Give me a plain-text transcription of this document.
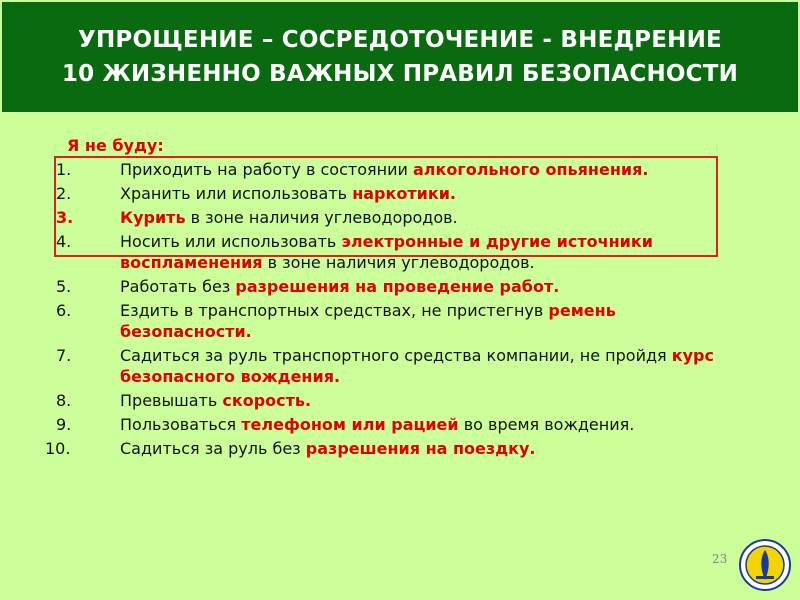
УПРОЩЕНИЕ – СОСРЕДОТОЧЕНИЕ - ВНЕДРЕНИЕ
10 ЖИЗНЕННО ВАЖНЫХ ПРАВИЛ БЕЗОПАСНОСТИ
Я не буду:
1.	Приходить на работу в состоянии алкогольного опьянения.
2.	Хранить или использовать наркотики.
3.	Курить в зоне наличия углеводородов.
4.	Носить или использовать электронные и другие источники воспламенения в зоне наличия углеводородов.
5.	Работать без разрешения на проведение работ.
6.	Ездить в транспортных средствах, не пристегнув ремень безопасности.
7.	Садиться за руль транспортного средства компании, не пройдя курс безопасного вождения.
8.	Превышать скорость.
9.	Пользоваться телефоном или рацией во время вождения.
10.	Садиться за руль без разрешения на поездку.
23
